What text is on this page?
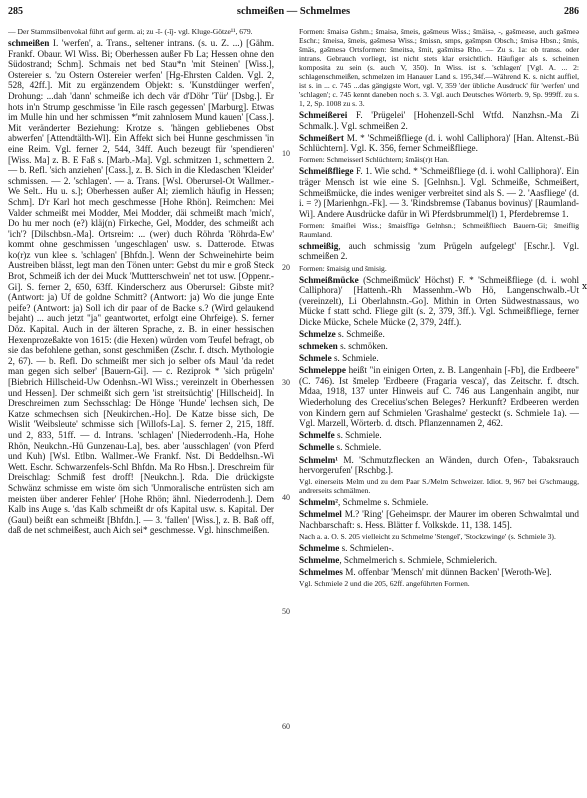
285	schmeißen — Schmelmes	286

— Der Stammsilbenvokal führt auf germ. ai; zu -ī- (-īj- vgl. Kluge-Götze¹¹, 679.

schmeißen I. 'werfen', a. Trans., seltener intrans. (s. u. Z. ...) [Gähm. Frankf. Obaur. Wl Wiss. Bi; Oberhessen außer Fb La; Hessen ohne den Südostrand; Schm]. Schmais net bed Stau*n 'mit Steinen' [Wiss.], Ostereier s. 'zu Ostern Ostereier werfen' [Hg-Ehrsten Calden. Vgl. 2, 528, 42ff.]. Mit zu ergänzendem Objekt: s. 'Kunstdünger werfen', Drohung: ...dah 'dann' schmeiße ich dech vär d'Döhr 'Tür' [Dsbg.]. Er hots in'n Strump geschmisse 'in Eile rasch gegessen' [Marburg]. Etwas im Mulle hin und her schmissen *'mit zahnlosem Mund kauen' [Cass.]. Mit veränderter Beziehung: Krotze s. 'hängen gebliebenes Obst abwerfen' [Attendtälth-Wl]. Ein Affekt sich bei Hunne geschmissen 'in eine Reim. Vgl. ferner 2, 544, 34ff. Auch bezeugt für 'spendieren' [Wiss. Ma] z. B. E Faß s. [Marb.-Ma]. Vgl. schmitzen 1, schmettern 2. — b. Refl. 'sich anziehen' [Cass.], z. B. Sich in die Kledaschen 'Kleider' schmissen. — 2. 'schlagen'. — a. Trans. [Wsl. Oberursel-Ot Wallmer.-We Selt.. Hu u. s.]; Oberhessen außer Al; ziemlich häufig in Hessen; Schm]. D'r Karl hot mech geschmesse [Hohe Rhön]. Reimchen: Mei Valder schmeißt mei Modder, Mei Modder, däi schmeißt mach 'mich', Do hu mer noch (e?) kläj(n) Firkeche, Gel, Modder, des schmeißt ach 'ich'? [Dilschbsn.-Ma]. Ortsreim: ... (wer) duch Röhrda 'Röhrda-Ew' kommt ohne geschmissen 'ungeschlagen' usw. s. Datterode. Etwas ko(r)z vun klee s. 'schlagen' [Bhfdn.]. Wenn der Schweinehirte beim Austreiben blässt, legt man den Tönen unter: Gebst du mir e groß Steck Brot, Schmeiß ich der dei Muck 'Muttterschwein' net tot usw. [Oppenr.-Gi]. S. ferner 2, 650, 63ff. Kinderscherz aus Oberursel: Gibste mit? (Antwort: ja) Uf de goldne Schmitt? (Antwort: ja) Wo die junge Ente peife? (Antwort: ja) Soll ich dir paar of de Backe s.? (Wird gelaukend bejaht) ... auch jetzt "ja" geantwortet, erfolgt eine Ohrfeige). S. ferner Döz. Kapital. Auch in der älteren Sprache, z. B. in einer hessischen Hexenprozeßakte von 1615: (die Hexen) würden vom Teufel befragt, ob sie das befohlene gethan, sonst geschmißen (Zschr. f. dtsch. Mythologie 2, 67). — b. Refl. Do schmeißt mer sich jo selber ofs Maul 'da redet man gegen sich selber' [Bauern-Gi]. — c. Reziprok * 'sich prügeln' [Biebrich Hillscheid-Uw Odenhsn.-Wl Wiss.; vereinzelt in Oberhessen und Hessen]. Der schmeißt sich gern 'ist streitsüchtig' [Hillscheid]. In Dreschreimen zum Sechsschlag: De Hönge 'Hunde' lechsen sich, De Katze schmechsen sich [Neukirchen.-Ho]. De Katze bisse sich, De Wislit 'Weibsleute' schmisse sich [Willofs-La]. S. ferner 2, 215, 18ff. und 2, 833, 51ff. — d. Intrans. 'schlagen' [Niederrodenh.-Ha, Hohe Rhön, Neukchn.-Hü Gunzenau-La], bes. aber 'ausschlagen' (von Pferd und Kuh) [Wsl. Etlbn. Wallmer.-We Frankf. Nst. Di Beddelhsn.-Wi Wett. Eschr. Schwarzenfels-Schl Bhfdn. Ma Ro Hbsn.]. Dreschreim für Dreischlag: Schmiß fest droff! [Neukchn.]. Rda. Die drückigste Schwänz schmisse em wiste öm sich 'Unmoralische entrüsten sich am meisten über anderer Fehler' [Hohe Rhön; ähnl. Niederrodenh.]. Dem Kalb ins Auge s. 'das Kalb schmeißt dr ofs Kapital usw. s. Kapital. Der (Gaul) beißt ean schmeißt [Bhfdn.]. — 3. 'fallen' [Wiss.], z. B. Baß off, daß de net schmeißest, auch Aich sei* geschmesse. Vgl. hinschmeißen.

10
20
30
40
50
60
x

Formen: šmaisə Gshm.; šmaisə, šmeis, gəšmeus Wiss.; šmäisə, -, gəšmeəse, auch gəšmeə Eschr.; šmeisə, šmeis, gəšmesə Wiss.; šmissn, smps, gəšmpsn Obsch.; šmisə Hbsn.; šmis, šmäs, gəšmesə Ortsformen: šmeitsə, šmit, gəšmitsə Rho. — Zu s. 1a: ob transs. oder intrans. Gebrauch vorliegt, ist nicht stets klar ersichtlich. Häufiger als s. scheinen komposita zu sein (s. auch V, 350). In Wiss. ist s. 'schlagen' [Vgl. A. ... 2: schlagenschmeißen, schmelzen im Hanauer Land s. 195,34f.—Während K. s. nicht auffiel, ist s. in ... c. 745 ...das gängigste Wort, vgl. V, 359 'der übliche Ausdruck' für 'werfen' und 'schlagen'; c. 745 kennt daneben noch s. 3. Vgl. auch Deutsches Wörterb. 9, Sp. 999ff. zu s. 1, 2, Sp. 1008 zu s. 3.

Schmeißerei F. 'Prügelei' [Hohenzell-Schl Wtfd. Nanzhsn.-Ma Zi Schmalk.]. Vgl. schmeißen 2.

Schmeißert M. * 'Schmeißfliege (d. i. wohl Calliphora)' [Han. Altenst.-Bü Schlüchtern]. Vgl. K. 356, ferner Schmeißfliege.

Formen: Schmeisserl Schlüchtern; šmāis(r)t Han.

Schmeißfliege F. 1. Wie schd. * 'Schmeißfliege (d. i. wohl Calliphora)'. Ein träger Mensch ist wie eine S. [Gelnhsn.]. Vgl. Schmeiße, Schmeißert, Schmeißmücke, die indes weniger verbreitet sind als S. — 2. 'Aasfliege' (d. i. = ?) [Marienhgn.-Fk]. — 3. 'Rindsbremse (Tabanus bovinus)' [Raumland-Wi]. Andere Ausdrücke dafür in Wi Pferdsbrummel(l) 1, Pferdebremse 1.

Formen: šmaiflei Wiss.; šmaisflīgə Gelnhsn.; Schmeißfliech Bauern-Gi; šmeiflig Raumland.

schmeißig, auch schmissig 'zum Prügeln aufgelegt' [Eschr.]. Vgl. schmeißen 2.

Formen: šmaisig und šmisig.

Schmeißmücke (Schmeißmück' Höchst) F. * 'Schmeißfliege (d. i. wohl Calliphora)' [Hattenh.-Rh Massenhm.-Wb Hö, Langenschwalb.-Ut (vereinzelt), Li Oberlahnstn.-Go]. Mithin in Orten Südwestnassaus, wo Mücke f statt schd. Fliege gilt (s. 2, 379, 3ff.). Vgl. Schmeißfliege, ferner Dicke Mücke, Schele Mücke (2, 379, 24ff.).

Schmelze s. Schmeiße.

schmeken s. schmöken.

Schmele s. Schmiele.

Schmeleppe heißt "in einigen Orten, z. B. Langenhain [-Fb], die Erdbeere" (C. 746). Ist šmelep 'Erdbeere (Fragaria vesca)', das Zeitschr. f. dtsch. Mdaa, 1918, 137 unter Hinweis auf C. 746 aus Langenhain angibt, nur Wiederholung des Crecelius'schen Beleges? Herkunft? Erdbeeren werden von Kindern gern auf Schmielen 'Grashalme' gesteckt (s. Schmiele 1a). — Vgl. Marzell, Wörterb. d. dtsch. Pflanzennamen 2, 462.

Schmelfe s. Schmiele.

Schmelle s. Schmiele.

Schmelm¹ M. 'Schmutzflecken an Wänden, durch Ofen-, Tabaksrauch hervorgerufen' [Rschbg.].

Vgl. einerseits Melm und zu dem Paar S./Melm Schweizer. Idiot. 9, 967 bei G'schmaugg, andrerseits schmälmen.

Schmelm², Schmelme s. Schmiele.

Schmelmel M.? 'Ring' [Geheimspr. der Maurer im oberen Schwalmtal und Nachbarschaft: s. Hess. Blätter f. Volkskde. 11, 138. 145].

Nach a. a. O. S. 205 vielleicht zu Schmelme 'Stengel', 'Stockzwinge' (s. Schmiele 3).

Schmelme s. Schmielen-.

Schmelme, Schmelmerich s. Schmiele, Schmielerich.

Schmelmes M. offenbar 'Mensch' mit dünnen Backen' [Weroth-We].

Vgl. Schmiele 2 und die 205, 62ff. angeführten Formen.
